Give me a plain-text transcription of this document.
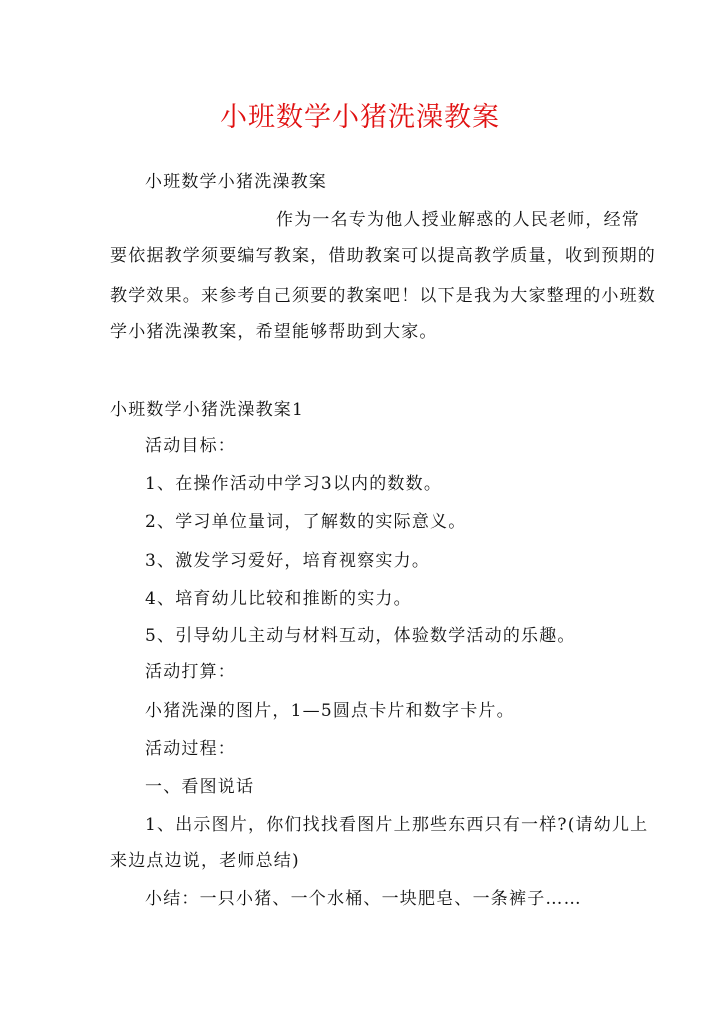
小班数学小猪洗澡教案
小班数学小猪洗澡教案
作为一名专为他人授业解惑的人民老师，经常
要依据教学须要编写教案，借助教案可以提高教学质量，收到预期的
教学效果。来参考自己须要的教案吧！以下是我为大家整理的小班数
学小猪洗澡教案，希望能够帮助到大家。
小班数学小猪洗澡教案1
活动目标：
1、在操作活动中学习3以内的数数。
2、学习单位量词，了解数的实际意义。
3、激发学习爱好，培育视察实力。
4、培育幼儿比较和推断的实力。
5、引导幼儿主动与材料互动，体验数学活动的乐趣。
活动打算：
小猪洗澡的图片，1—5圆点卡片和数字卡片。
活动过程：
一、看图说话
1、出示图片，你们找找看图片上那些东西只有一样?(请幼儿上
来边点边说，老师总结)
小结：一只小猪、一个水桶、一块肥皂、一条裤子……
